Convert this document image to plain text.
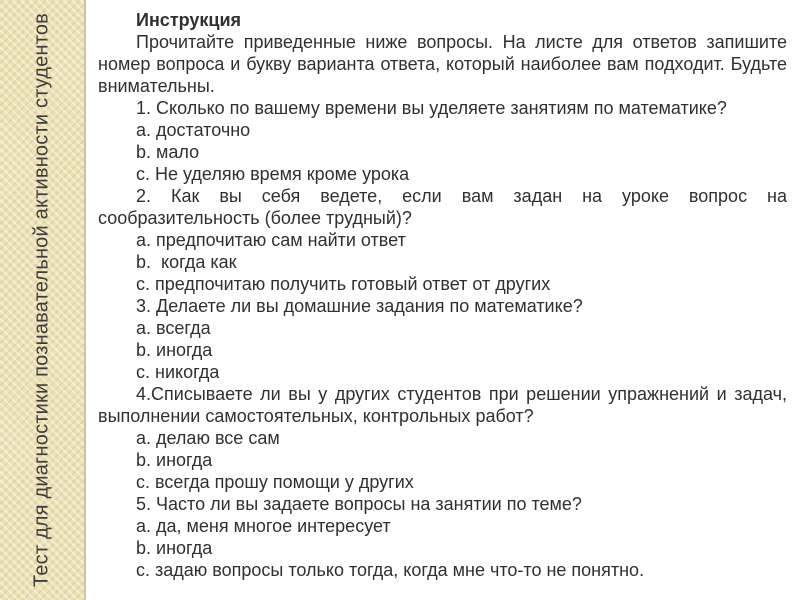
Тест для диагностики познавательной активности студентов	Инструкция

Прочитайте приведенные ниже вопросы. На листе для ответов запишите номер вопроса и букву варианта ответа, который наиболее вам подходит. Будьте внимательны.

1. Сколько по вашему времени вы уделяете занятиям по математике?

a. достаточно

b. мало

c. Не уделяю время кроме урока

2. Как вы себя ведете, если вам задан на уроке вопрос на сообразительность (более трудный)?

a. предпочитаю сам найти ответ

b.  когда как

c. предпочитаю получить готовый ответ от других

3. Делаете ли вы домашние задания по математике?

a. всегда

b. иногда

c. никогда

4.Списываете ли вы у других студентов при решении упражнений и задач, выполнении самостоятельных, контрольных работ?

a. делаю все сам

b. иногда

c. всегда прошу помощи у других

5. Часто ли вы задаете вопросы на занятии по теме?

a. да, меня многое интересует

b. иногда

c. задаю вопросы только тогда, когда мне что-то не понятно.
